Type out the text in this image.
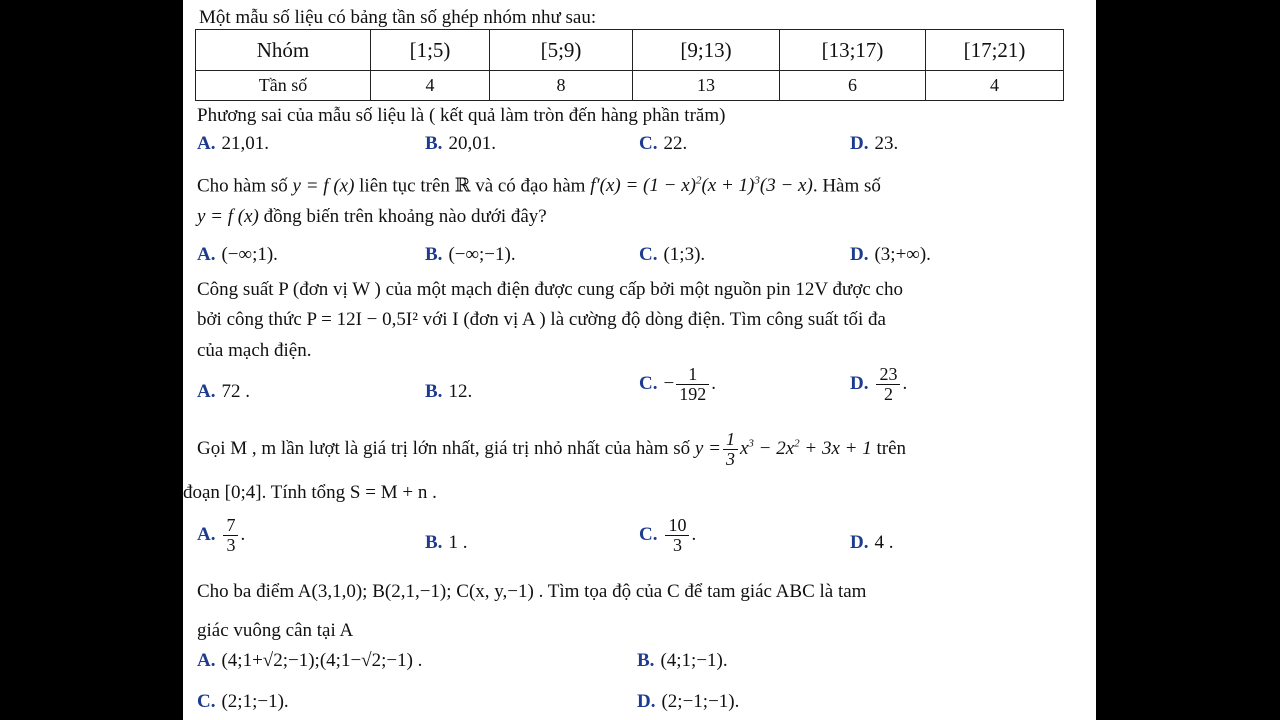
Một mẫu số liệu có bảng tần số ghép nhóm như sau:
Nhóm	[1;5)	[5;9)	[9;13)	[13;17)	[17;21)
Tần số	4	8	13	6	4
Phương sai của mẫu số liệu là ( kết quả làm tròn đến hàng phần trăm)
A. 21,01.	B. 20,01.	C. 22.	D. 23.
Cho hàm số y = f (x) liên tục trên ℝ và có đạo hàm $f'(x) = (1 - x)^2(x + 1)^3(3 - x)$. Hàm số
y = f (x) đồng biến trên khoảng nào dưới đây?
A. (−∞;1).	B. (−∞;−1).	C. (1;3).	D. (3;+∞).
Công suất P (đơn vị W ) của một mạch điện được cung cấp bởi một nguồn pin 12V được cho
bởi công thức P = 12I − 0,5I² với I (đơn vị A ) là cường độ dòng điện. Tìm công suất tối đa
của mạch điện.
A. 72 .	B. 12.	C. − $\frac{1}{192}$ .	D. $\frac{23}{2}$ .
Gọi M , m lần lượt là giá trị lớn nhất, giá trị nhỏ nhất của hàm số $y = \frac{1}{3} x^3 - 2x^2 + 3x + 1$ trên
đoạn [0;4]. Tính tổng S = M + n .
A. $\frac{7}{3}$ .	B. 1 .	C. $\frac{10}{3}$ .	D. 4 .
Cho ba điểm A(3,1,0); B(2,1,−1); C(x, y,−1) . Tìm tọa độ của C để tam giác ABC là tam
giác vuông cân tại A
A. (4;1+√2;−1);(4;1−√2;−1) .	B. (4;1;−1).
C. (2;1;−1).	D. (2;−1;−1).
